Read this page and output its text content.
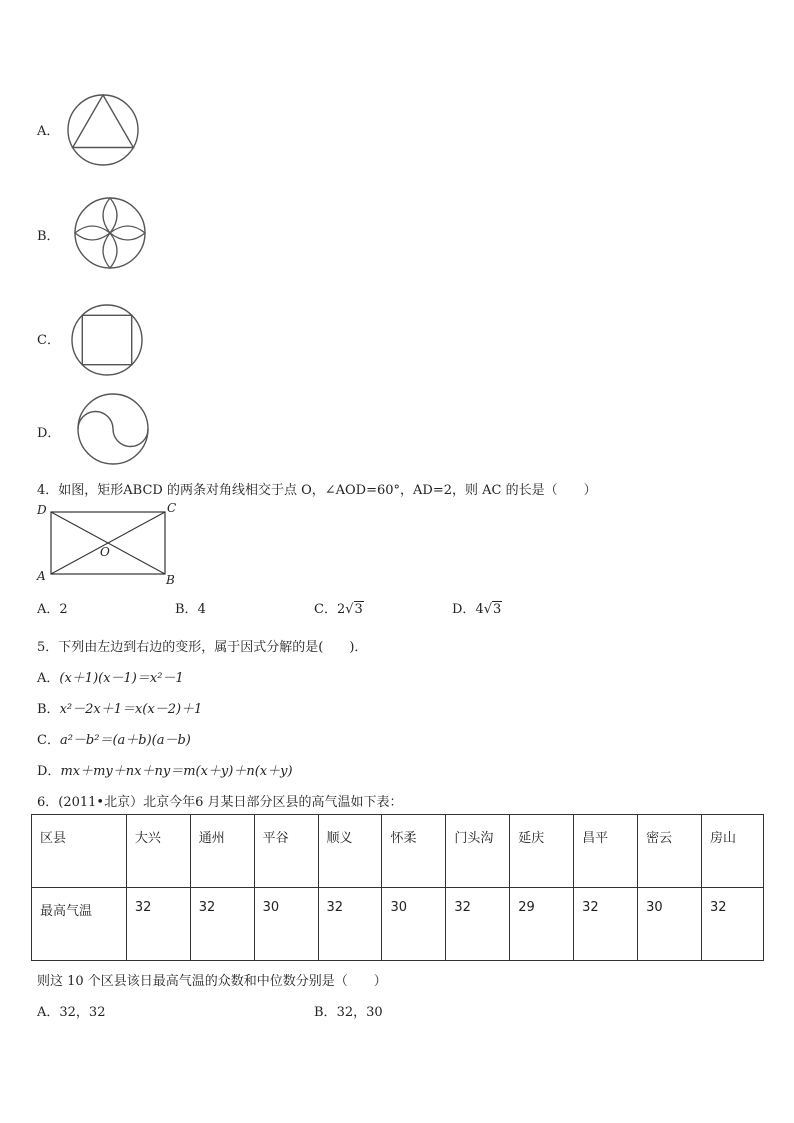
A．
B．
C．
D．
4．如图，矩形ABCD 的两条对角线相交于点 O，∠AOD=60°，AD=2，则 AC 的长是（　　）
D	C
A	B
O
A．2	B．4	C．2√3	D．4√3
5．下列由左边到右边的变形，属于因式分解的是(　　)．
A．(x＋1)(x－1)＝x²－1
B．x²－2x＋1＝x(x－2)＋1
C．a²－b²＝(a＋b)(a－b)
D．mx＋my＋nx＋ny＝m(x＋y)＋n(x＋y)
6．(2011•北京）北京今年6 月某日部分区县的高气温如下表：
区县	大兴	通州	平谷	顺义	怀柔	门头沟	延庆	昌平	密云	房山
最高气温	32	32	30	32	30	32	29	32	30	32
则这 10 个区县该日最高气温的众数和中位数分别是（　　）
A．32，32	B．32，30
